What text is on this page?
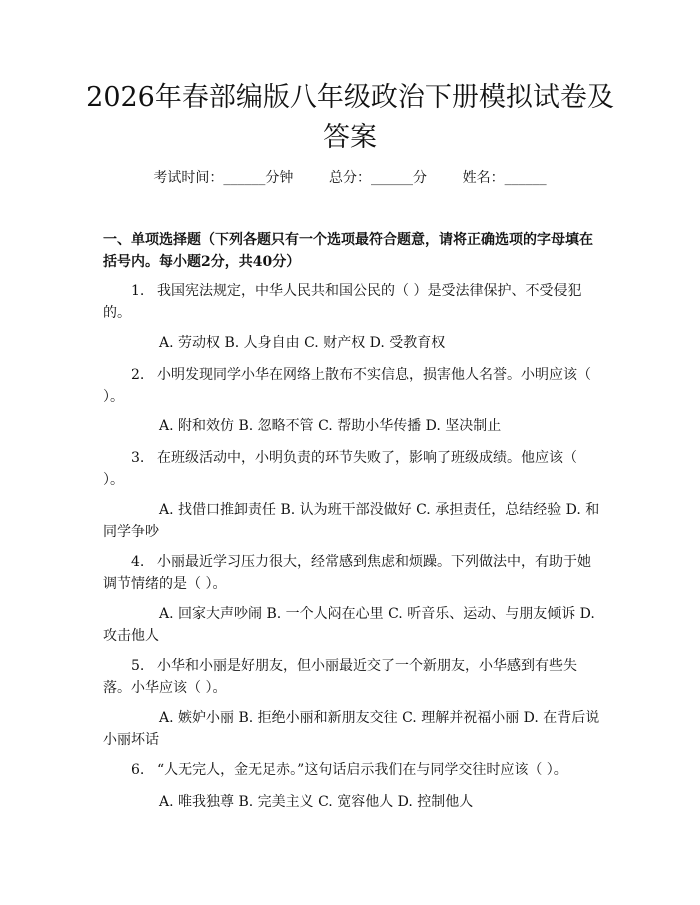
2026年春部编版八年级政治下册模拟试卷及答案
考试时间：______分钟	总分：______分	姓名：______

一、单项选择题（下列各题只有一个选项最符合题意，请将正确选项的字母填在括号内。每小题2分，共40分）

1. 我国宪法规定，中华人民共和国公民的（ ）是受法律保护、不受侵犯的。

A. 劳动权 B. 人身自由 C. 财产权 D. 受教育权

2. 小明发现同学小华在网络上散布不实信息，损害他人名誉。小明应该（ ）。

A. 附和效仿 B. 忽略不管 C. 帮助小华传播 D. 坚决制止

3. 在班级活动中，小明负责的环节失败了，影响了班级成绩。他应该（ ）。

A. 找借口推卸责任 B. 认为班干部没做好 C. 承担责任，总结经验 D. 和同学争吵

4. 小丽最近学习压力很大，经常感到焦虑和烦躁。下列做法中，有助于她调节情绪的是（ ）。

A. 回家大声吵闹 B. 一个人闷在心里 C. 听音乐、运动、与朋友倾诉 D. 攻击他人

5. 小华和小丽是好朋友，但小丽最近交了一个新朋友，小华感到有些失落。小华应该（ ）。

A. 嫉妒小丽 B. 拒绝小丽和新朋友交往 C. 理解并祝福小丽 D. 在背后说小丽坏话

6. “人无完人，金无足赤。”这句话启示我们在与同学交往时应该（ ）。

A. 唯我独尊 B. 完美主义 C. 宽容他人 D. 控制他人
